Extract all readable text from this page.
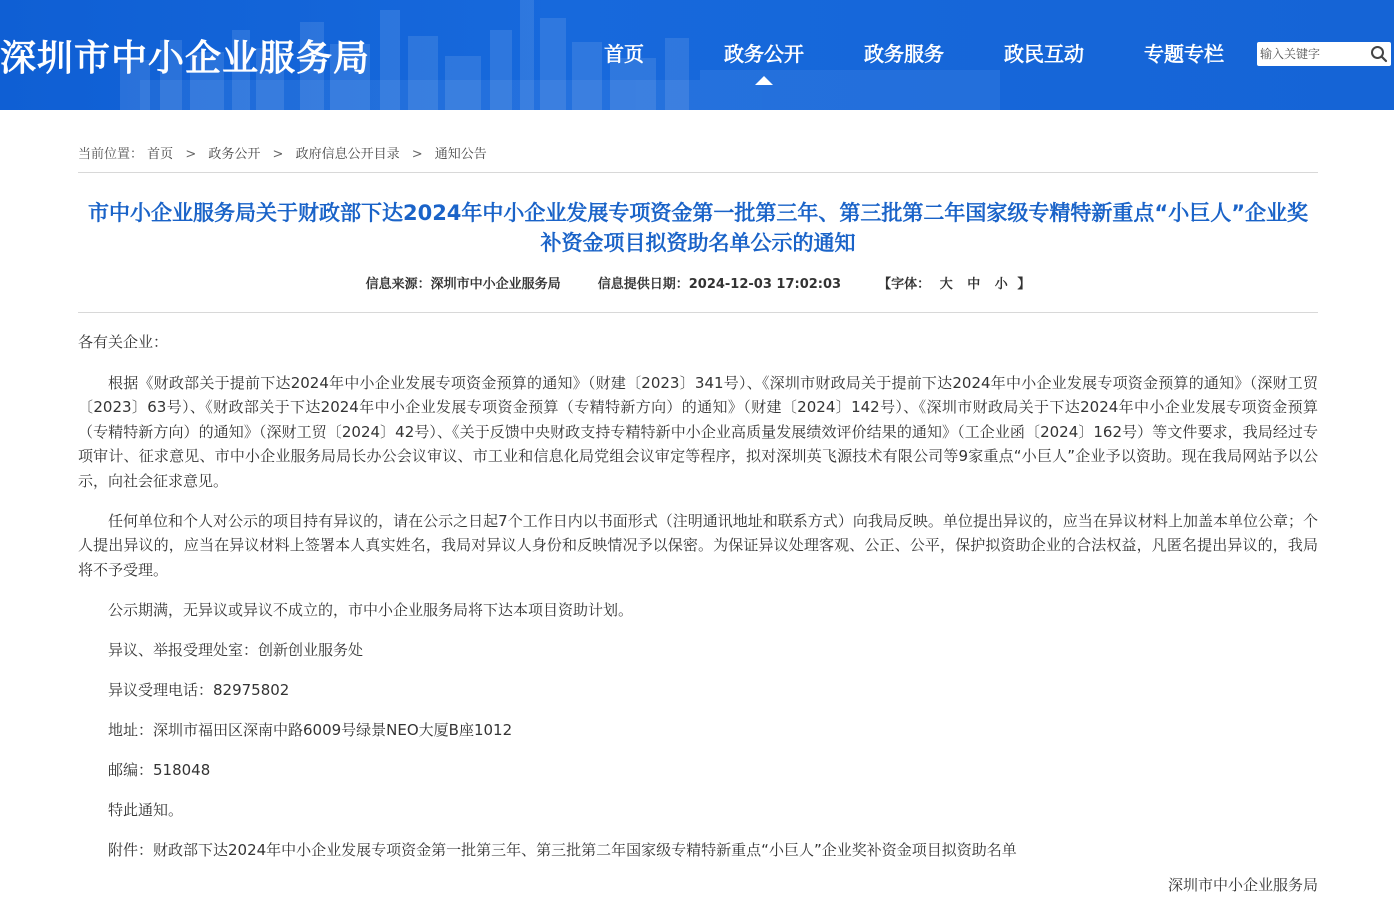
深圳市中小企业服务局	首页	政务公开	政务服务	政民互动	专题专栏
输入关键字
当前位置： 首页 > 政务公开 > 政府信息公开目录 > 通知公告
市中小企业服务局关于财政部下达2024年中小企业发展专项资金第一批第三年、第三批第二年国家级专精特新重点“小巨人”企业奖补资金项目拟资助名单公示的通知
信息来源：深圳市中小企业服务局	信息提供日期：2024-12-03 17:02:03	【字体： 大 中 小 】

各有关企业：

根据《财政部关于提前下达2024年中小企业发展专项资金预算的通知》（财建〔2023〕341号）、《深圳市财政局关于提前下达2024年中小企业发展专项资金预算的通知》（深财工贸〔2023〕63号）、《财政部关于下达2024年中小企业发展专项资金预算（专精特新方向）的通知》（财建〔2024〕142号）、《深圳市财政局关于下达2024年中小企业发展专项资金预算（专精特新方向）的通知》（深财工贸〔2024〕42号）、《关于反馈中央财政支持专精特新中小企业高质量发展绩效评价结果的通知》（工企业函〔2024〕162号）等文件要求，我局经过专项审计、征求意见、市中小企业服务局局长办公会议审议、市工业和信息化局党组会议审定等程序，拟对深圳英飞源技术有限公司等9家重点“小巨人”企业予以资助。现在我局网站予以公示，向社会征求意见。

任何单位和个人对公示的项目持有异议的，请在公示之日起7个工作日内以书面形式（注明通讯地址和联系方式）向我局反映。单位提出异议的，应当在异议材料上加盖本单位公章；个人提出异议的，应当在异议材料上签署本人真实姓名，我局对异议人身份和反映情况予以保密。为保证异议处理客观、公正、公平，保护拟资助企业的合法权益，凡匿名提出异议的，我局将不予受理。

公示期满，无异议或异议不成立的，市中小企业服务局将下达本项目资助计划。

异议、举报受理处室：创新创业服务处

异议受理电话：82975802

地址：深圳市福田区深南中路6009号绿景NEO大厦B座1012

邮编：518048

特此通知。

附件：财政部下达2024年中小企业发展专项资金第一批第三年、第三批第二年国家级专精特新重点“小巨人”企业奖补资金项目拟资助名单

深圳市中小企业服务局
